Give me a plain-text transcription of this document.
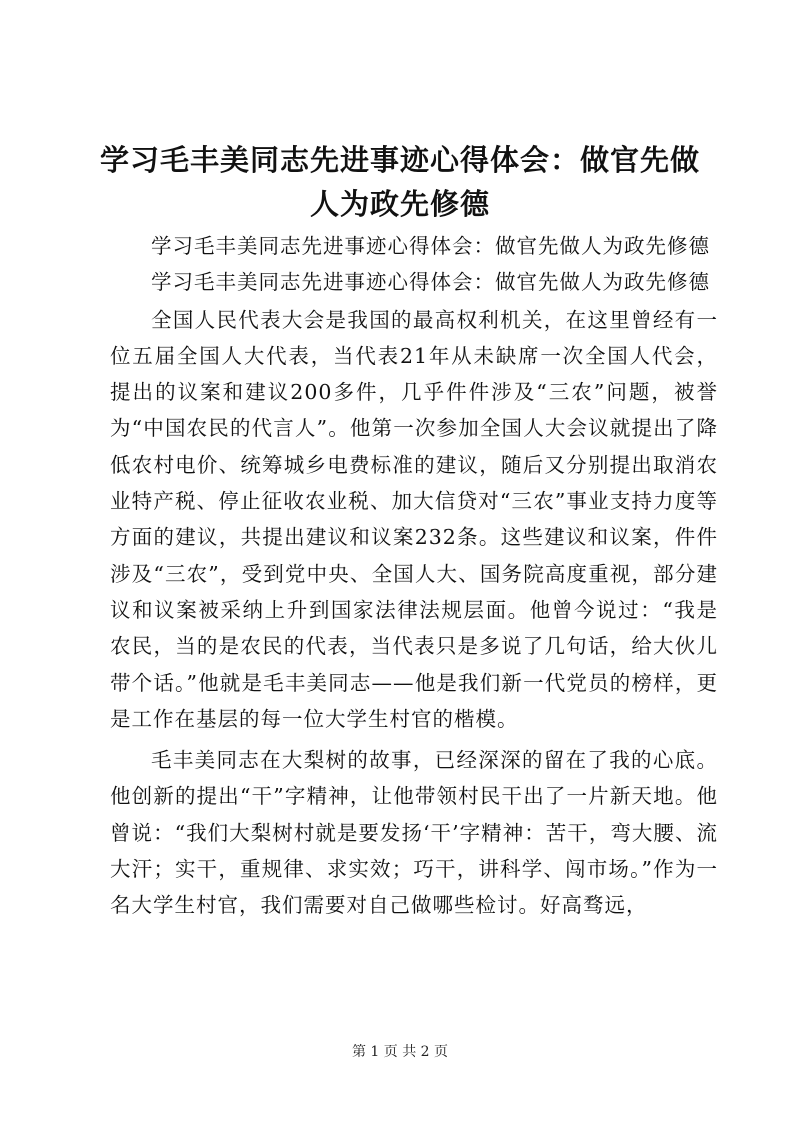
学习毛丰美同志先进事迹心得体会：做官先做人为政先修德

学习毛丰美同志先进事迹心得体会：做官先做人为政先修德

学习毛丰美同志先进事迹心得体会：做官先做人为政先修德

全国人民代表大会是我国的最高权利机关，在这里曾经有一位五届全国人大代表，当代表21年从未缺席一次全国人代会，提出的议案和建议200多件，几乎件件涉及“三农”问题，被誉为“中国农民的代言人”。他第一次参加全国人大会议就提出了降低农村电价、统筹城乡电费标准的建议，随后又分别提出取消农业特产税、停止征收农业税、加大信贷对“三农”事业支持力度等方面的建议，共提出建议和议案232条。这些建议和议案，件件涉及“三农”，受到党中央、全国人大、国务院高度重视，部分建议和议案被采纳上升到国家法律法规层面。他曾今说过：“我是农民，当的是农民的代表，当代表只是多说了几句话，给大伙儿带个话。”他就是毛丰美同志——他是我们新一代党员的榜样，更是工作在基层的每一位大学生村官的楷模。

毛丰美同志在大梨树的故事，已经深深的留在了我的心底。他创新的提出“干”字精神，让他带领村民干出了一片新天地。他曾说：“我们大梨树村就是要发扬‘干’字精神：苦干，弯大腰、流大汗；实干，重规律、求实效；巧干，讲科学、闯市场。”作为一名大学生村官，我们需要对自己做哪些检讨。好高骛远，

第 1 页 共 2 页
